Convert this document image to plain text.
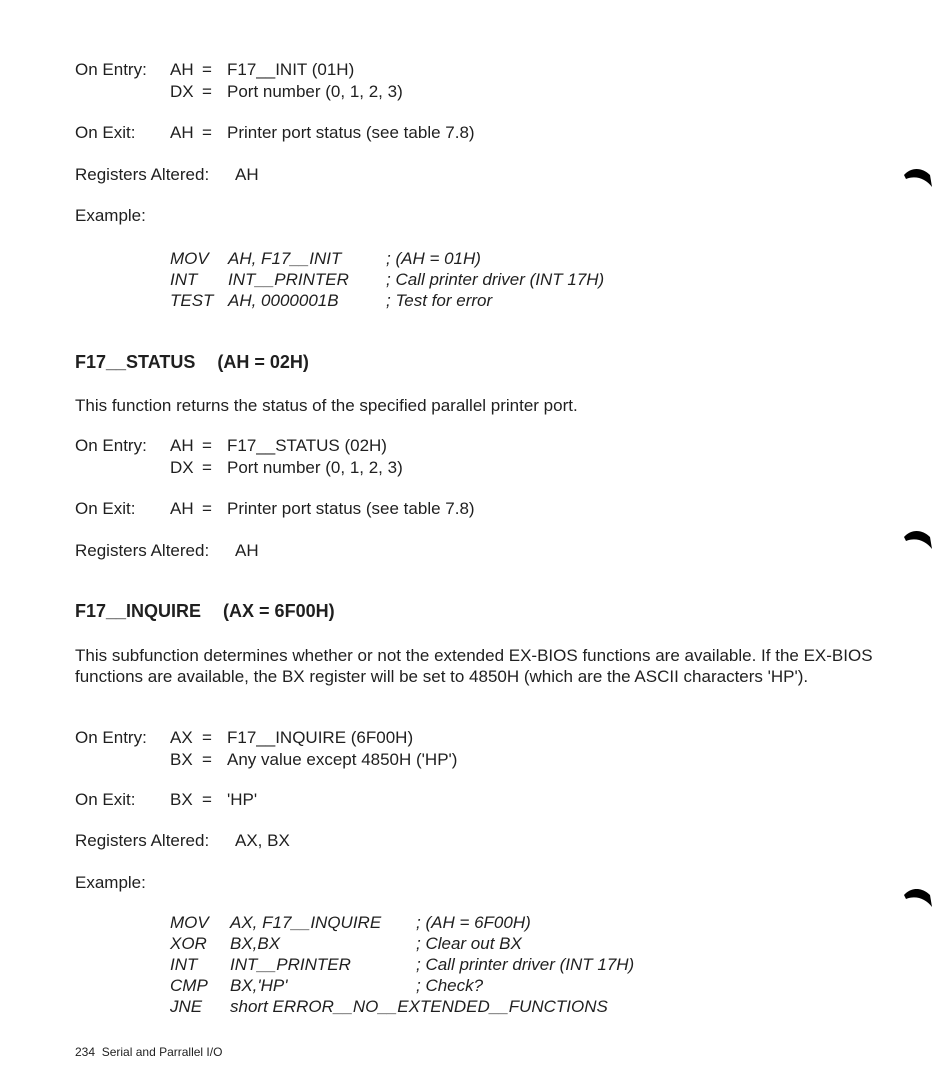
On Entry: AH = F17__INIT (01H)
DX = Port number (0, 1, 2, 3)
On Exit: AH = Printer port status (see table 7.8)
Registers Altered: AH
Example:
MOV AH, F17__INIT	; (AH = 01H)
INT INT__PRINTER ; Call printer driver (INT 17H)
TEST AH, 0000001B	; Test for error
F17__STATUS (AH = 02H)
This function returns the status of the specified parallel printer port.
On Entry: AH = F17__STATUS (02H)
DX = Port number (0, 1, 2, 3)
On Exit: AH = Printer port status (see table 7.8)
Registers Altered: AH
F17__INQUIRE (AX = 6F00H)
This subfunction determines whether or not the extended EX-BIOS functions are available. If the EX-BIOS functions are available, the BX register will be set to 4850H (which are the ASCII characters 'HP').
On Entry: AX = F17__INQUIRE (6F00H)
BX = Any value except 4850H ('HP')
On Exit: BX = 'HP'
Registers Altered: AX, BX
Example:
MOV AX, F17__INQUIRE ; (AH = 6F00H)
XOR BX,BX	; Clear out BX
INT INT__PRINTER	; Call printer driver (INT 17H)
CMP BX,'HP'	; Check?
JNE short ERROR__NO__EXTENDED__FUNCTIONS
234 Serial and Parrallel I/O
